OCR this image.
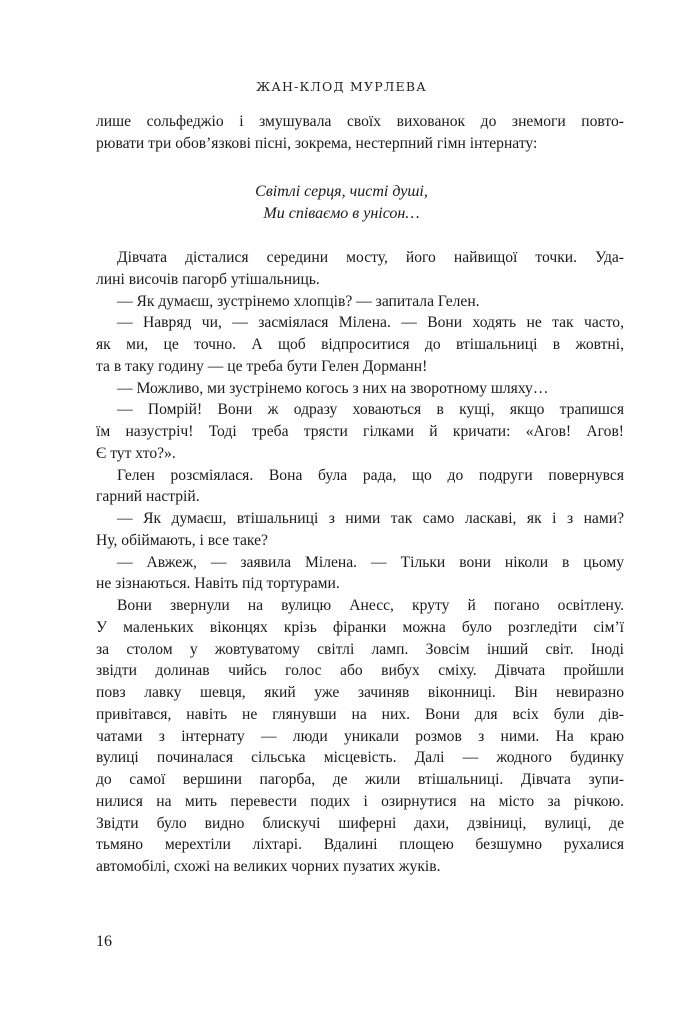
ЖАН-КЛОД МУРЛЕВА
лише сольфеджіо і змушувала своїх вихованок до знемоги повто-
рювати три обов’язкові пісні, зокрема, нестерпний гімн інтернату:
Світлі серця, чисті душі,
Ми співаємо в унісон…
Дівчата дісталися середини мосту, його найвищої точки. Уда-
лині височів пагорб утішальниць.
— Як думаєш, зустрінемо хлопців? — запитала Гелен.
— Навряд чи, — засміялася Мілена. — Вони ходять не так часто,
як ми, це точно. А щоб відпроситися до втішальниці в жовтні,
та в таку годину — це треба бути Гелен Дорманн!
— Можливо, ми зустрінемо когось з них на зворотному шляху…
— Помрій! Вони ж одразу ховаються в кущі, якщо трапишся
їм назустріч! Тоді треба трясти гілками й кричати: «Агов! Агов!
Є тут хто?».
Гелен розсміялася. Вона була рада, що до подруги повернувся
гарний настрій.
— Як думаєш, втішальниці з ними так само ласкаві, як і з нами?
Ну, обіймають, і все таке?
— Авжеж, — заявила Мілена. — Тільки вони ніколи в цьому
не зізнаються. Навіть під тортурами.
Вони звернули на вулицю Анесс, круту й погано освітлену.
У маленьких віконцях крізь фіранки можна було розгледіти сім’ї
за столом у жовтуватому світлі ламп. Зовсім інший світ. Іноді
звідти долинав чийсь голос або вибух сміху. Дівчата пройшли
повз лавку шевця, який уже зачиняв віконниці. Він невиразно
привітався, навіть не глянувши на них. Вони для всіх були дів-
чатами з інтернату — люди уникали розмов з ними. На краю
вулиці починалася сільська місцевість. Далі — жодного будинку
до самої вершини пагорба, де жили втішальниці. Дівчата зупи-
нилися на мить перевести подих і озирнутися на місто за річкою.
Звідти було видно блискучі шиферні дахи, дзвіниці, вулиці, де
тьмяно мерехтіли ліхтарі. Вдалині площею безшумно рухалися
автомобілі, схожі на великих чорних пузатих жуків.
16
